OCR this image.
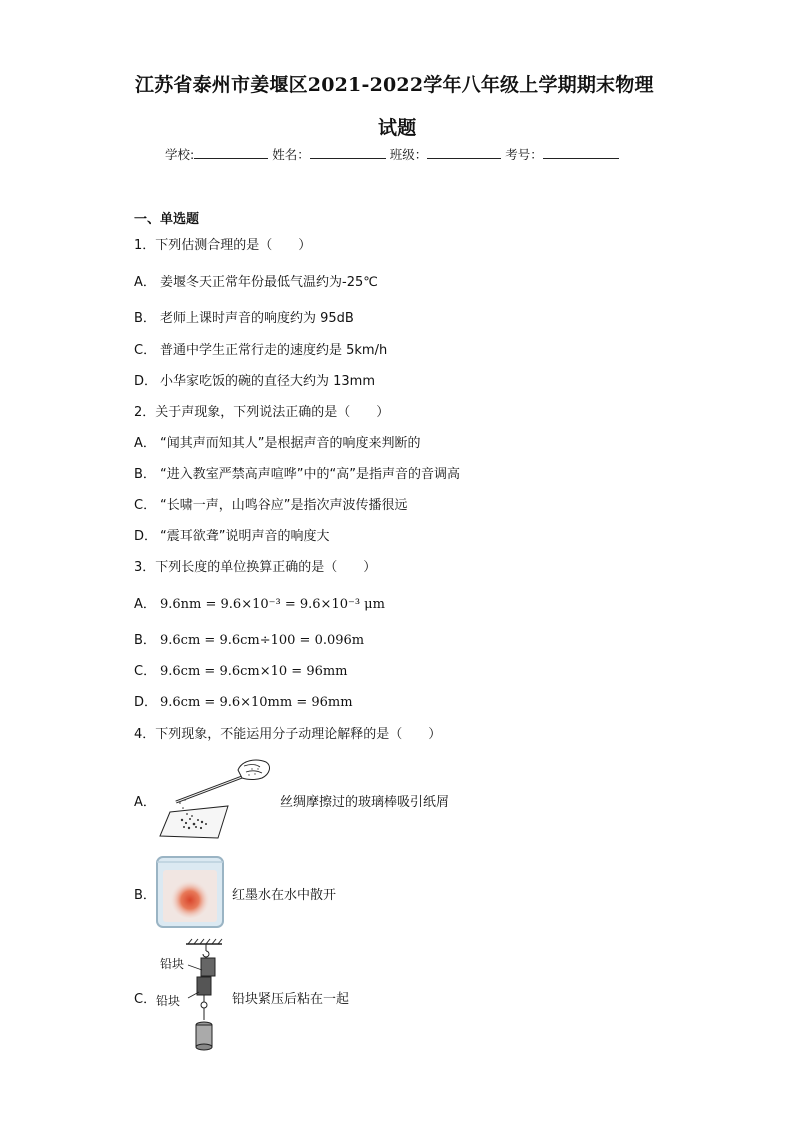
江苏省泰州市姜堰区2021-2022学年八年级上学期期末物理
试题
学校:	姓名：	班级：	考号：
一、单选题
1．下列估测合理的是（　　）
A． 姜堰冬天正常年份最低气温约为-25℃
B． 老师上课时声音的响度约为 95dB
C． 普通中学生正常行走的速度约是 5km/h
D． 小华家吃饭的碗的直径大约为 13mm
2．关于声现象，下列说法正确的是（　　）
A． “闻其声而知其人”是根据声音的响度来判断的
B． “进入教室严禁高声喧哗”中的“高”是指声音的音调高
C． “长啸一声，山鸣谷应”是指次声波传播很远
D． “震耳欲聋”说明声音的响度大
3．下列长度的单位换算正确的是（　　）
A． 9.6nm = 9.6×10⁻³ = 9.6×10⁻³ μm
B． 9.6cm = 9.6cm÷100 = 0.096m
C． 9.6cm = 9.6cm×10 = 96mm
D． 9.6cm = 9.6×10mm = 96mm
4．下列现象，不能运用分子动理论解释的是（　　）
A．	丝绸摩擦过的玻璃棒吸引纸屑
B．	红墨水在水中散开
C．
铅块
铅块	铅块紧压后粘在一起
